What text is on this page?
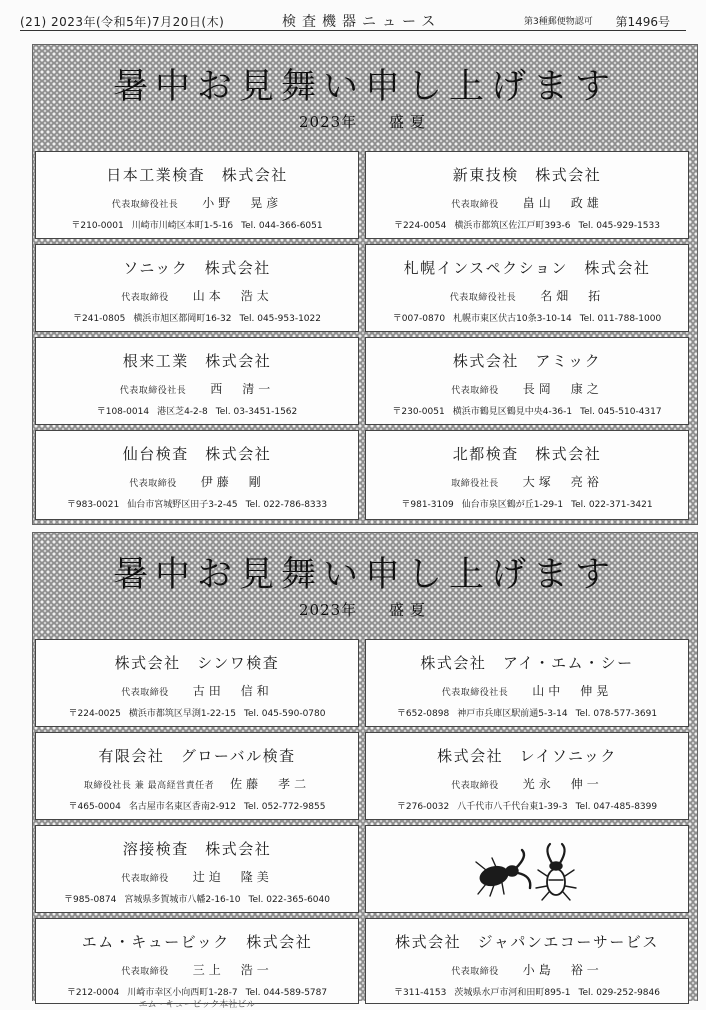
(21) 2023年(令和5年)7月20日(木)	検査機器ニュース	第3種郵便物認可 第1496号
暑中お見舞い申し上げます
2023年 盛夏
日本工業検査　株式会社
代表取締役社長 小野　晃彦
〒210-0001 川崎市川崎区本町1-5-16 Tel. 044-366-6051
新東技検　株式会社
代表取締役 畠山　政雄
〒224-0054 横浜市都筑区佐江戸町393-6 Tel. 045-929-1533
ソニック　株式会社
代表取締役 山本　浩太
〒241-0805 横浜市旭区都岡町16-32 Tel. 045-953-1022
札幌インスペクション　株式会社
代表取締役社長 名畑　拓
〒007-0870 札幌市東区伏古10条3-10-14 Tel. 011-788-1000
根来工業　株式会社
代表取締役社長 西　清一
〒108-0014 港区芝4-2-8 Tel. 03-3451-1562
株式会社　アミック
代表取締役 長岡　康之
〒230-0051 横浜市鶴見区鶴見中央4-36-1 Tel. 045-510-4317
仙台検査　株式会社
代表取締役 伊藤　剛
〒983-0021 仙台市宮城野区田子3-2-45 Tel. 022-786-8333
北都検査　株式会社
取締役社長 大塚　亮裕
〒981-3109 仙台市泉区鶴が丘1-29-1 Tel. 022-371-3421
暑中お見舞い申し上げます
2023年 盛夏
株式会社　シンワ検査
代表取締役 古田　信和
〒224-0025 横浜市都筑区早渕1-22-15 Tel. 045-590-0780
株式会社　アイ・エム・シー
代表取締役社長 山中　伸晃
〒652-0898 神戸市兵庫区駅前通5-3-14 Tel. 078-577-3691
有限会社　グローバル検査
取締役社長 兼 最高経営責任者 佐藤　孝二
〒465-0004 名古屋市名東区香南2-912 Tel. 052-772-9855
株式会社　レイソニック
代表取締役 光永　伸一
〒276-0032 八千代市八千代台東1-39-3 Tel. 047-485-8399
溶接検査　株式会社
代表取締役 辻迫　隆美
〒985-0874 宮城県多賀城市八幡2-16-10 Tel. 022-365-6040
エム・キュービック　株式会社
代表取締役 三上　浩一
〒212-0004 川崎市幸区小向西町1-28-7 Tel. 044-589-5787
エム・キュービック本社ビル
株式会社　ジャパンエコーサービス
代表取締役 小島　裕一
〒311-4153 茨城県水戸市河和田町895-1 Tel. 029-252-9846
